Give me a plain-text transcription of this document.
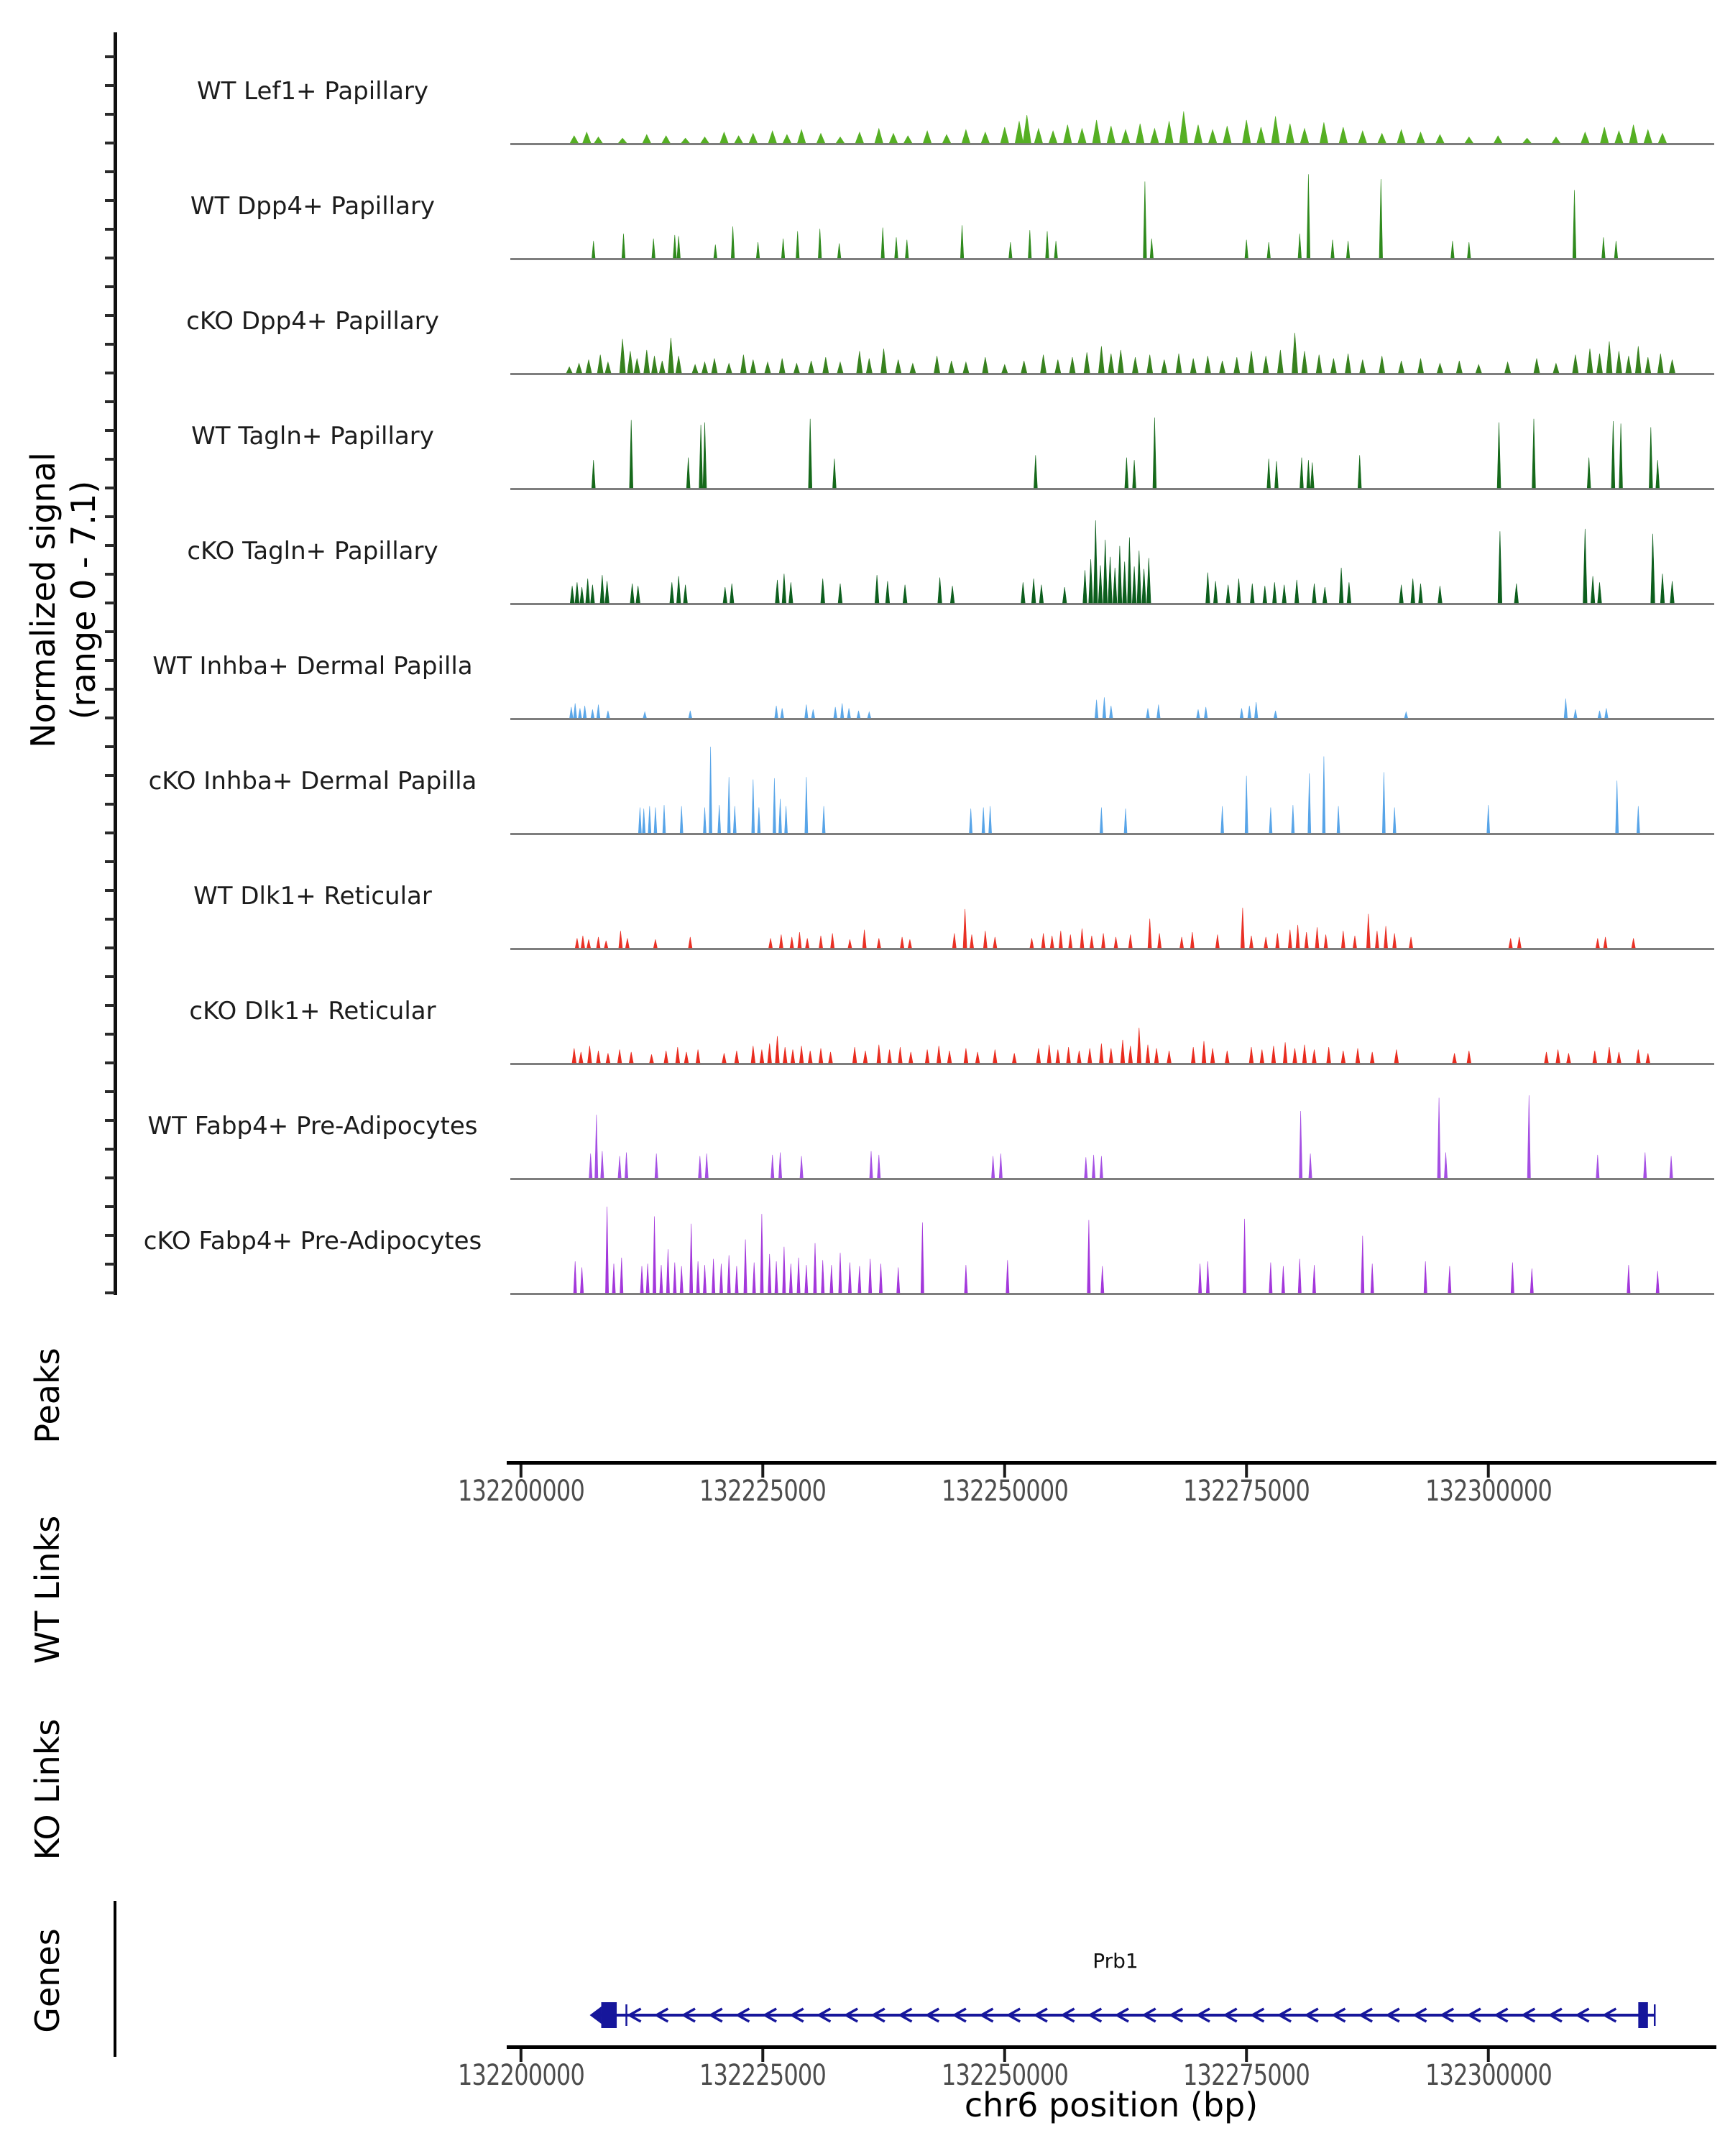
Normalized signal (range 0 - 7.1)
Peaks
WT Links
KO Links
Genes
WT Lef1+ Papillary
WT Dpp4+ Papillary
cKO Dpp4+ Papillary
WT Tagln+ Papillary
cKO Tagln+ Papillary
WT Inhba+ Dermal Papilla
cKO Inhba+ Dermal Papilla
WT Dlk1+ Reticular
cKO Dlk1+ Reticular
WT Fabp4+ Pre-Adipocytes
cKO Fabp4+ Pre-Adipocytes
132200000	132225000	132250000	132275000	132300000
132200000	132225000	132250000	132275000	132300000
Prb1
chr6 position (bp)
